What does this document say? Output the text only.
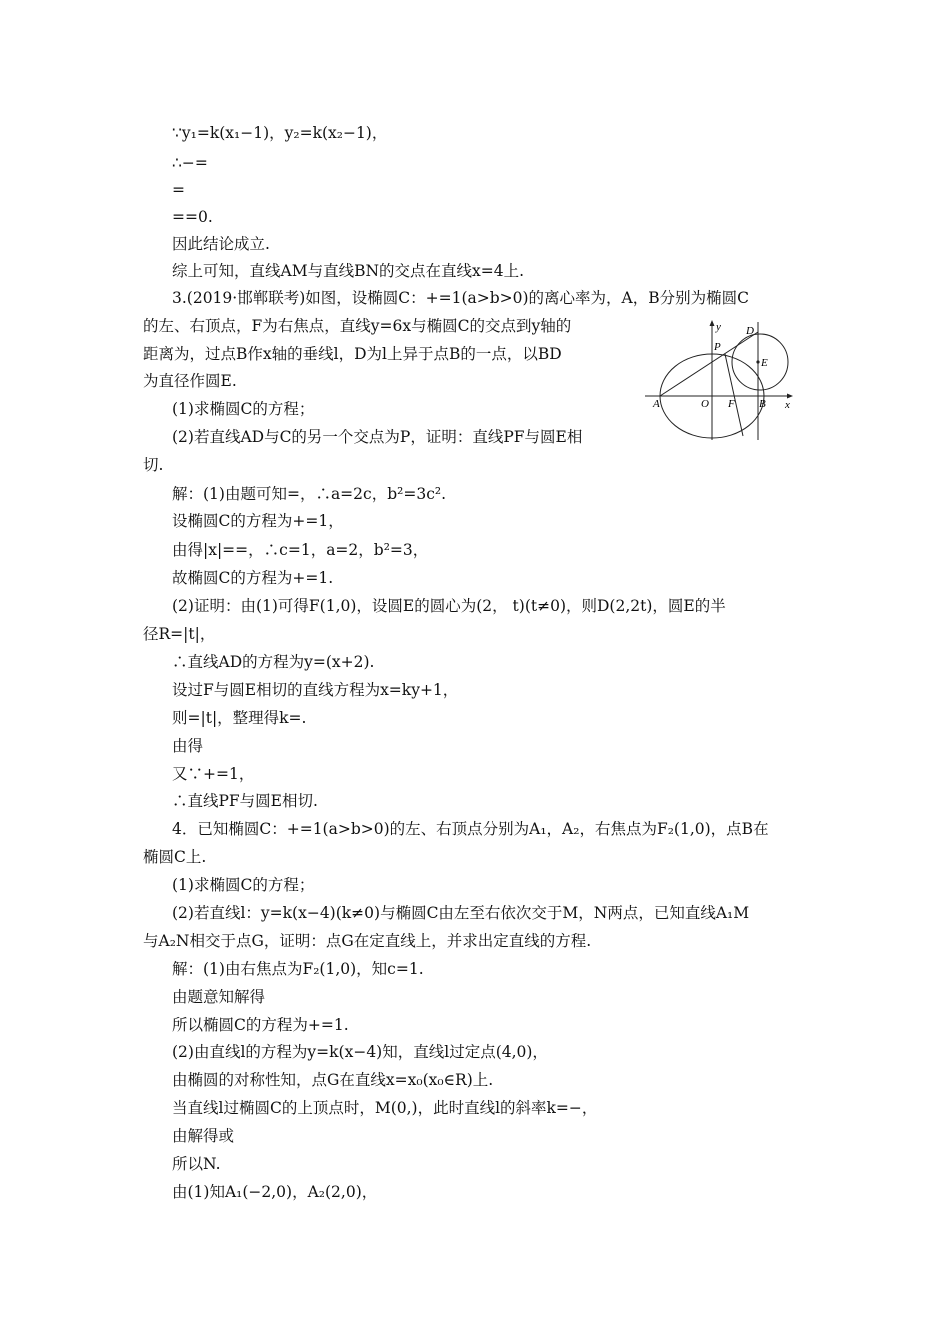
∵y₁=k(x₁−1)，y₂=k(x₂−1)，
∴−=
=
==0.
因此结论成立.
综上可知，直线AM与直线BN的交点在直线x=4上.
3.(2019·邯郸联考)如图，设椭圆C：+=1(a>b>0)的离心率为，A，B分别为椭圆C
的左、右顶点，F为右焦点，直线y=6x与椭圆C的交点到y轴的
距离为，过点B作x轴的垂线l，D为l上异于点B的一点，以BD
为直径作圆E.
(1)求椭圆C的方程；
(2)若直线AD与C的另一个交点为P，证明：直线PF与圆E相
切.
解：(1)由题可知=，∴a=2c，b²=3c².
设椭圆C的方程为+=1，
由得|x|==，∴c=1，a=2，b²=3，
故椭圆C的方程为+=1.
(2)证明：由(1)可得F(1,0)，设圆E的圆心为(2， t)(t≠0)，则D(2,2t)，圆E的半
径R=|t|，
∴直线AD的方程为y=(x+2).
设过F与圆E相切的直线方程为x=ky+1，
则=|t|，整理得k=.
由得
又∵+=1，
∴直线PF与圆E相切.
4．已知椭圆C：+=1(a>b>0)的左、右顶点分别为A₁，A₂，右焦点为F₂(1,0)，点B在
椭圆C上.
(1)求椭圆C的方程；
(2)若直线l：y=k(x−4)(k≠0)与椭圆C由左至右依次交于M，N两点，已知直线A₁M
与A₂N相交于点G，证明：点G在定直线上，并求出定直线的方程.
解：(1)由右焦点为F₂(1,0)，知c=1.
由题意知解得
所以椭圆C的方程为+=1.
(2)由直线l的方程为y=k(x−4)知，直线l过定点(4,0)，
由椭圆的对称性知，点G在直线x=x₀(x₀∈R)上.
当直线l过椭圆C的上顶点时，M(0,)，此时直线l的斜率k=−，
由解得或
所以N.
由(1)知A₁(−2,0)，A₂(2,0)，
y D
P
E
A	O F B x
